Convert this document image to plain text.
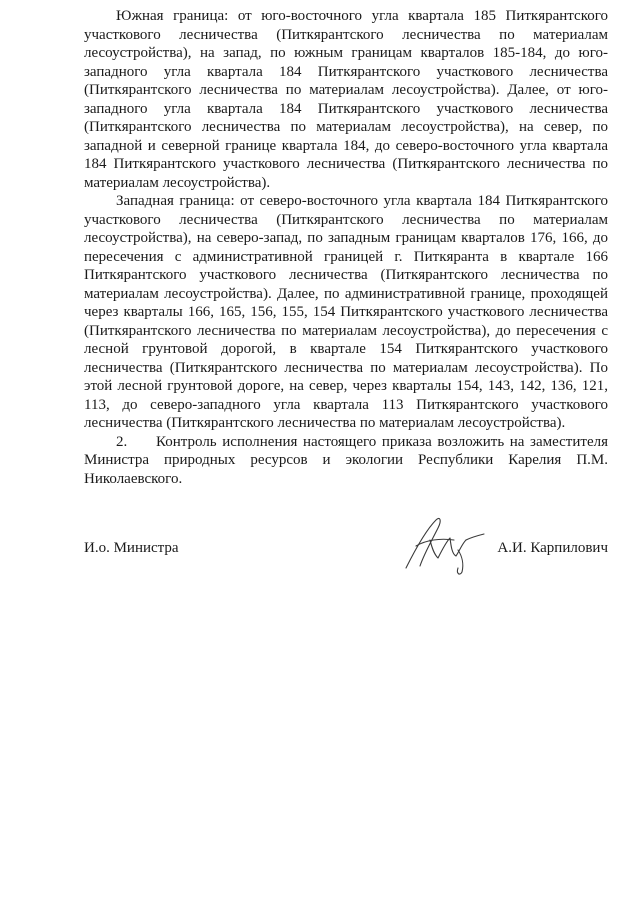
Южная граница: от юго-восточного угла квартала 185 Питкярантского участкового лесничества (Питкярантского лесничества по материалам лесоустройства), на запад, по южным границам кварталов 185-184, до юго-западного угла квартала 184 Питкярантского участкового лесничества (Питкярантского лесничества по материалам лесоустройства). Далее, от юго-западного угла квартала 184 Питкярантского участкового лесничества (Питкярантского лесничества по материалам лесоустройства), на север, по западной и северной границе квартала 184, до северо-восточного угла квартала 184 Питкярантского участкового лесничества (Питкярантского лесничества по материалам лесоустройства).

Западная граница: от северо-восточного угла квартала 184 Питкярантского участкового лесничества (Питкярантского лесничества по материалам лесоустройства), на северо-запад, по западным границам кварталов 176, 166, до пересечения с административной границей г. Питкяранта в квартале 166 Питкярантского участкового лесничества (Питкярантского лесничества по материалам лесоустройства). Далее, по административной границе, проходящей через кварталы 166, 165, 156, 155, 154 Питкярантского участкового лесничества (Питкярантского лесничества по материалам лесоустройства), до пересечения с лесной грунтовой дорогой, в квартале 154 Питкярантского участкового лесничества (Питкярантского лесничества по материалам лесоустройства). По этой лесной грунтовой дороге, на север, через кварталы 154, 143, 142, 136, 121, 113, до северо-западного угла квартала 113 Питкярантского участкового лесничества (Питкярантского лесничества по материалам лесоустройства).

2. Контроль исполнения настоящего приказа возложить на заместителя Министра природных ресурсов и экологии Республики Карелия П.М. Николаевского.

И.о. Министра	А.И. Карпилович
